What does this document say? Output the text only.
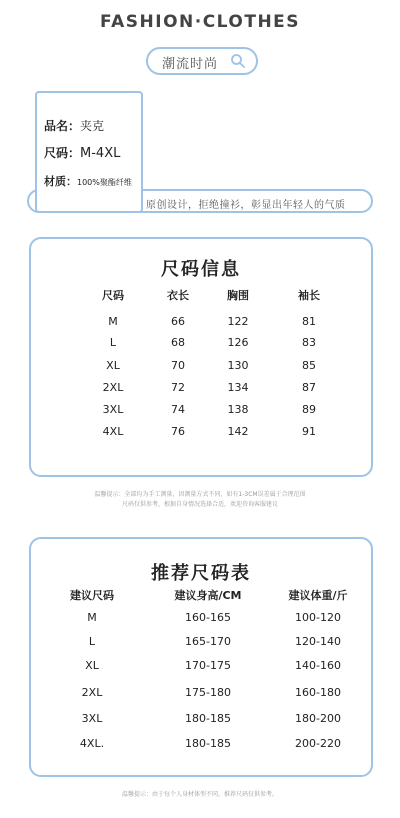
FASHION·CLOTHES
潮流时尚
原创设计，拒绝撞衫，彰显出年轻人的气质
品名：夹克
尺码：M-4XL
材质：100%聚酯纤维
尺码信息
尺码	衣长	胸围	袖长
M	66	122	81
L	68	126	83
XL	70	130	85
2XL	72	134	87
3XL	74	138	89
4XL	76	142	91
温馨提示：全部均为手工测量，因测量方式不同，如有1-3CM误差属于合理范围
尺码仅供参考，根据自身情况选择合适，欢迎咨询客服建议
推荐尺码表
建议尺码	建议身高/CM	建议体重/斤
M	160-165	100-120
L	165-170	120-140
XL	170-175	140-160
2XL	175-180	160-180
3XL	180-185	180-200
4XL.	180-185	200-220
温馨提示：由于每个人身材体型不同，推荐尺码仅供参考。
